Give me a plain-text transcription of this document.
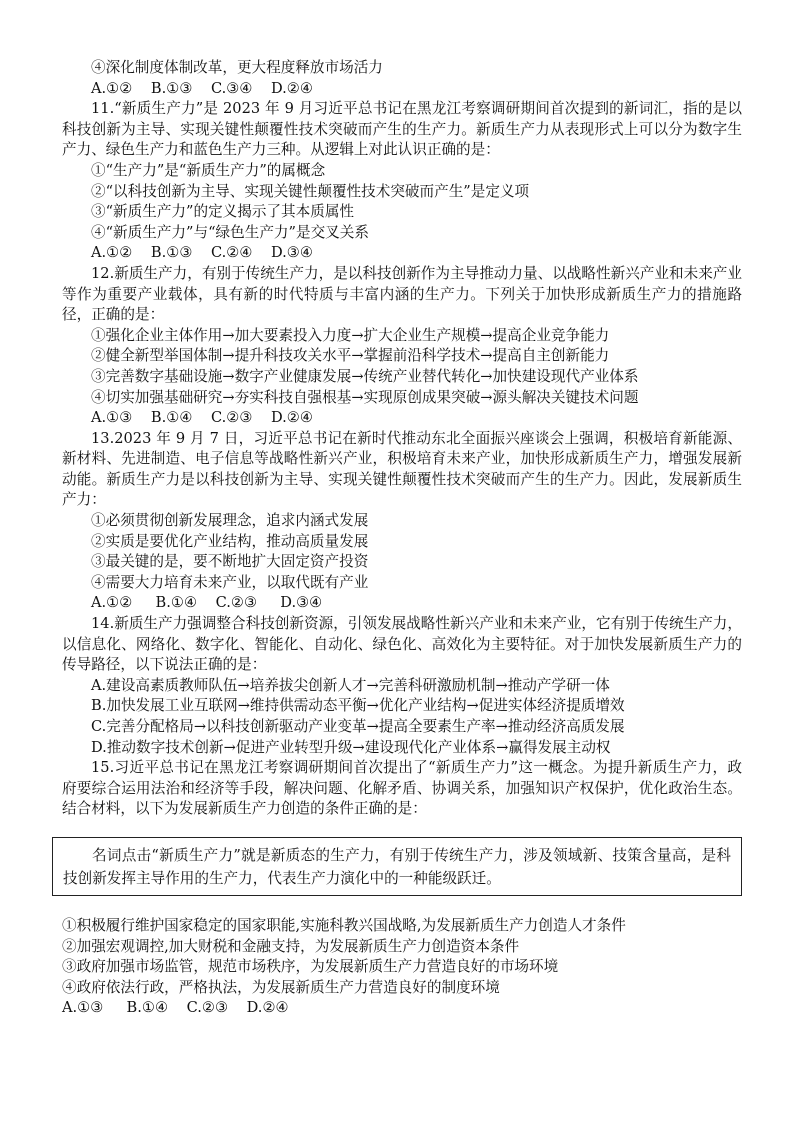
④深化制度体制改革，更大程度释放市场活力
A.①②    B.①③    C.③④    D.②④
11.“新质生产力”是 2023 年 9 月习近平总书记在黑龙江考察调研期间首次提到的新词汇，指的是以科技创新为主导、实现关键性颠覆性技术突破而产生的生产力。新质生产力从表现形式上可以分为数字生产力、绿色生产力和蓝色生产力三种。从逻辑上对此认识正确的是：
①“生产力”是“新质生产力”的属概念
②“以科技创新为主导、实现关键性颠覆性技术突破而产生”是定义项
③“新质生产力”的定义揭示了其本质属性
④“新质生产力”与“绿色生产力”是交叉关系
A.①②    B.①③    C.②④    D.③④
12.新质生产力，有别于传统生产力，是以科技创新作为主导推动力量、以战略性新兴产业和未来产业等作为重要产业载体，具有新的时代特质与丰富内涵的生产力。下列关于加快形成新质生产力的措施路径，正确的是：
①强化企业主体作用→加大要素投入力度→扩大企业生产规模→提高企业竞争能力
②健全新型举国体制→提升科技攻关水平→掌握前沿科学技术→提高自主创新能力
③完善数字基础设施→数字产业健康发展→传统产业替代转化→加快建设现代产业体系
④切实加强基础研究→夯实科技自强根基→实现原创成果突破→源头解决关键技术问题
A.①③    B.①④    C.②③    D.②④
13.2023 年 9 月 7 日，习近平总书记在新时代推动东北全面振兴座谈会上强调，积极培育新能源、新材料、先进制造、电子信息等战略性新兴产业，积极培育未来产业，加快形成新质生产力，增强发展新动能。新质生产力是以科技创新为主导、实现关键性颠覆性技术突破而产生的生产力。因此，发展新质生产力：
①必须贯彻创新发展理念，追求内涵式发展
②实质是要优化产业结构，推动高质量发展
③最关键的是，要不断地扩大固定资产投资
④需要大力培育未来产业，以取代既有产业
A.①②     B.①④    C.②③     D.③④
14.新质生产力强调整合科技创新资源，引领发展战略性新兴产业和未来产业，它有别于传统生产力，以信息化、网络化、数字化、智能化、自动化、绿色化、高效化为主要特征。对于加快发展新质生产力的传导路径，以下说法正确的是：
A.建设高素质教师队伍→培养拔尖创新人才→完善科研激励机制→推动产学研一体
B.加快发展工业互联网→维持供需动态平衡→优化产业结构→促进实体经济提质增效
C.完善分配格局→以科技创新驱动产业变革→提高全要素生产率→推动经济高质发展
D.推动数字技术创新→促进产业转型升级→建设现代化产业体系→赢得发展主动权
15.习近平总书记在黑龙江考察调研期间首次提出了“新质生产力”这一概念。为提升新质生产力，政府要综合运用法治和经济等手段，解决问题、化解矛盾、协调关系，加强知识产权保护，优化政治生态。结合材料，以下为发展新质生产力创造的条件正确的是：
名词点击“新质生产力”就是新质态的生产力，有别于传统生产力，涉及领域新、技策含量高，是科技创新发挥主导作用的生产力，代表生产力演化中的一种能级跃迁。
①积极履行维护国家稳定的国家职能,实施科教兴国战略,为发展新质生产力创造人才条件
②加强宏观调控,加大财税和金融支持，为发展新质生产力创造资本条件
③政府加强市场监管，规范市场秩序，为发展新质生产力营造良好的市场环境
④政府依法行政，严格执法，为发展新质生产力营造良好的制度环境
A.①③     B.①④    C.②③    D.②④
